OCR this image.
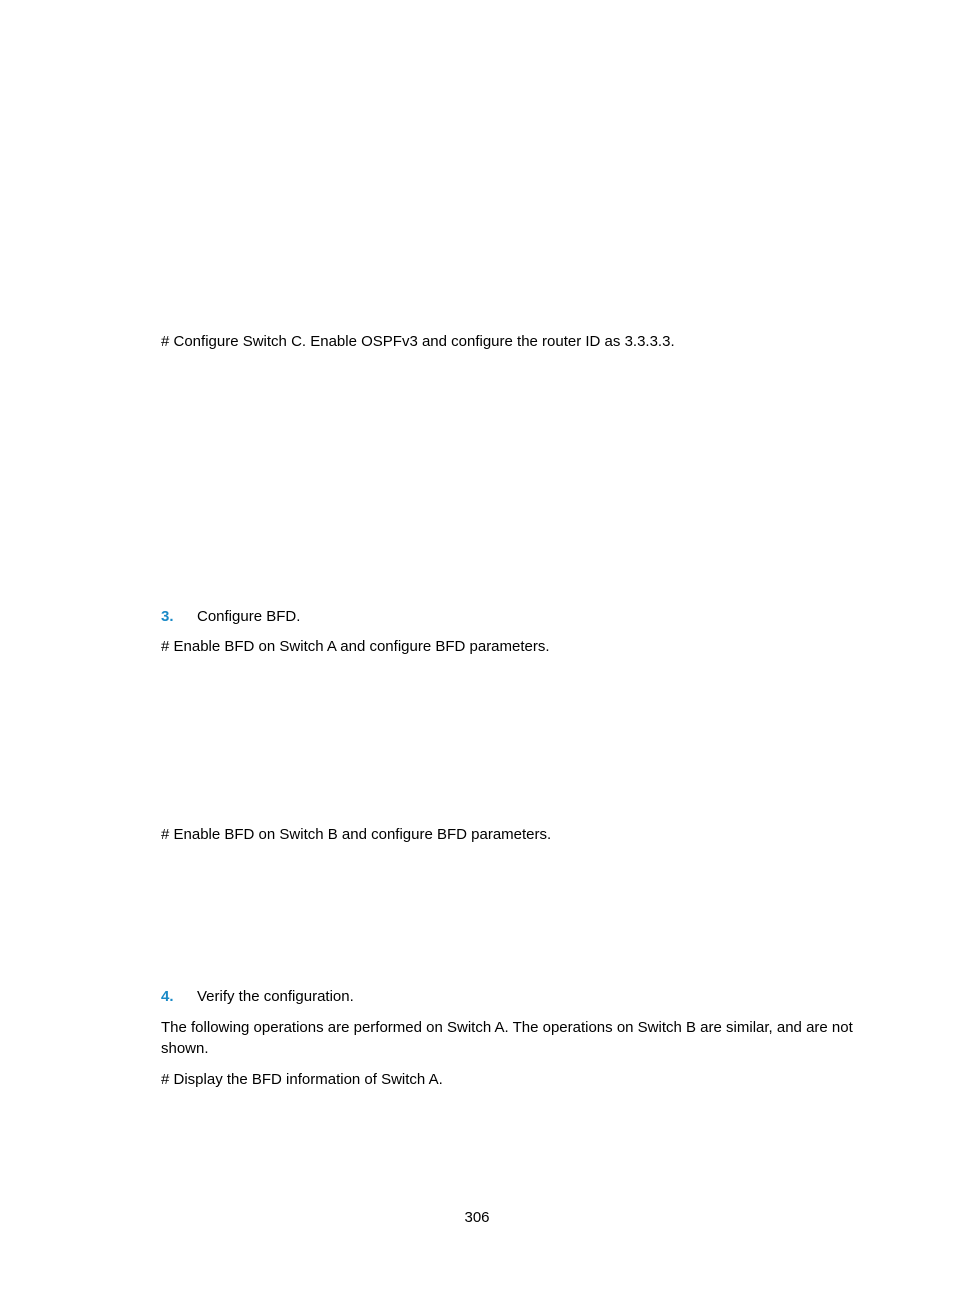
# Configure Switch C. Enable OSPFv3 and configure the router ID as 3.3.3.3.
3. Configure BFD.
# Enable BFD on Switch A and configure BFD parameters.
# Enable BFD on Switch B and configure BFD parameters.
4. Verify the configuration.
The following operations are performed on Switch A. The operations on Switch B are similar, and are not shown.
# Display the BFD information of Switch A.
306
